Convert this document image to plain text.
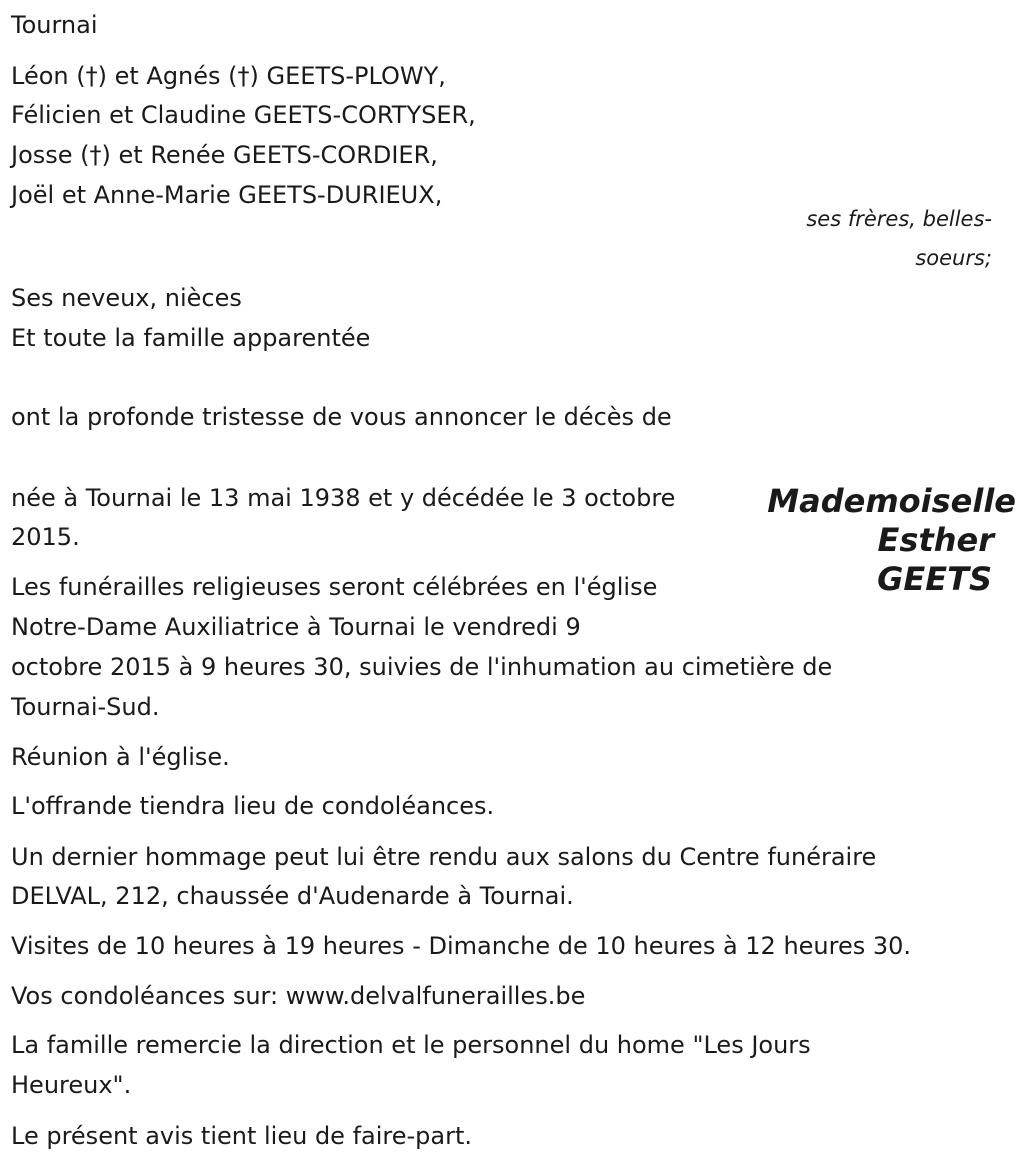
Tournai
Léon (†) et Agnés (†) GEETS-PLOWY,
Félicien et Claudine GEETS-CORTYSER,
Josse (†) et Renée GEETS-CORDIER,
Joël et Anne-Marie GEETS-DURIEUX,
ses frères, belles-
soeurs;
Ses neveux, nièces
Et toute la famille apparentée
ont la profonde tristesse de vous annoncer le décès de
Mademoiselle
Esther
GEETS
née à Tournai le 13 mai 1938 et y décédée le 3 octobre
2015.
Les funérailles religieuses seront célébrées en l'église
Notre-Dame Auxiliatrice à Tournai le vendredi 9
octobre 2015 à 9 heures 30, suivies de l'inhumation au cimetière de
Tournai-Sud.
Réunion à l'église.
L'offrande tiendra lieu de condoléances.
Un dernier hommage peut lui être rendu aux salons du Centre funéraire
DELVAL, 212, chaussée d'Audenarde à Tournai.
Visites de 10 heures à 19 heures - Dimanche de 10 heures à 12 heures 30.
Vos condoléances sur: www.delvalfunerailles.be
La famille remercie la direction et le personnel du home "Les Jours
Heureux".
Le présent avis tient lieu de faire-part.
